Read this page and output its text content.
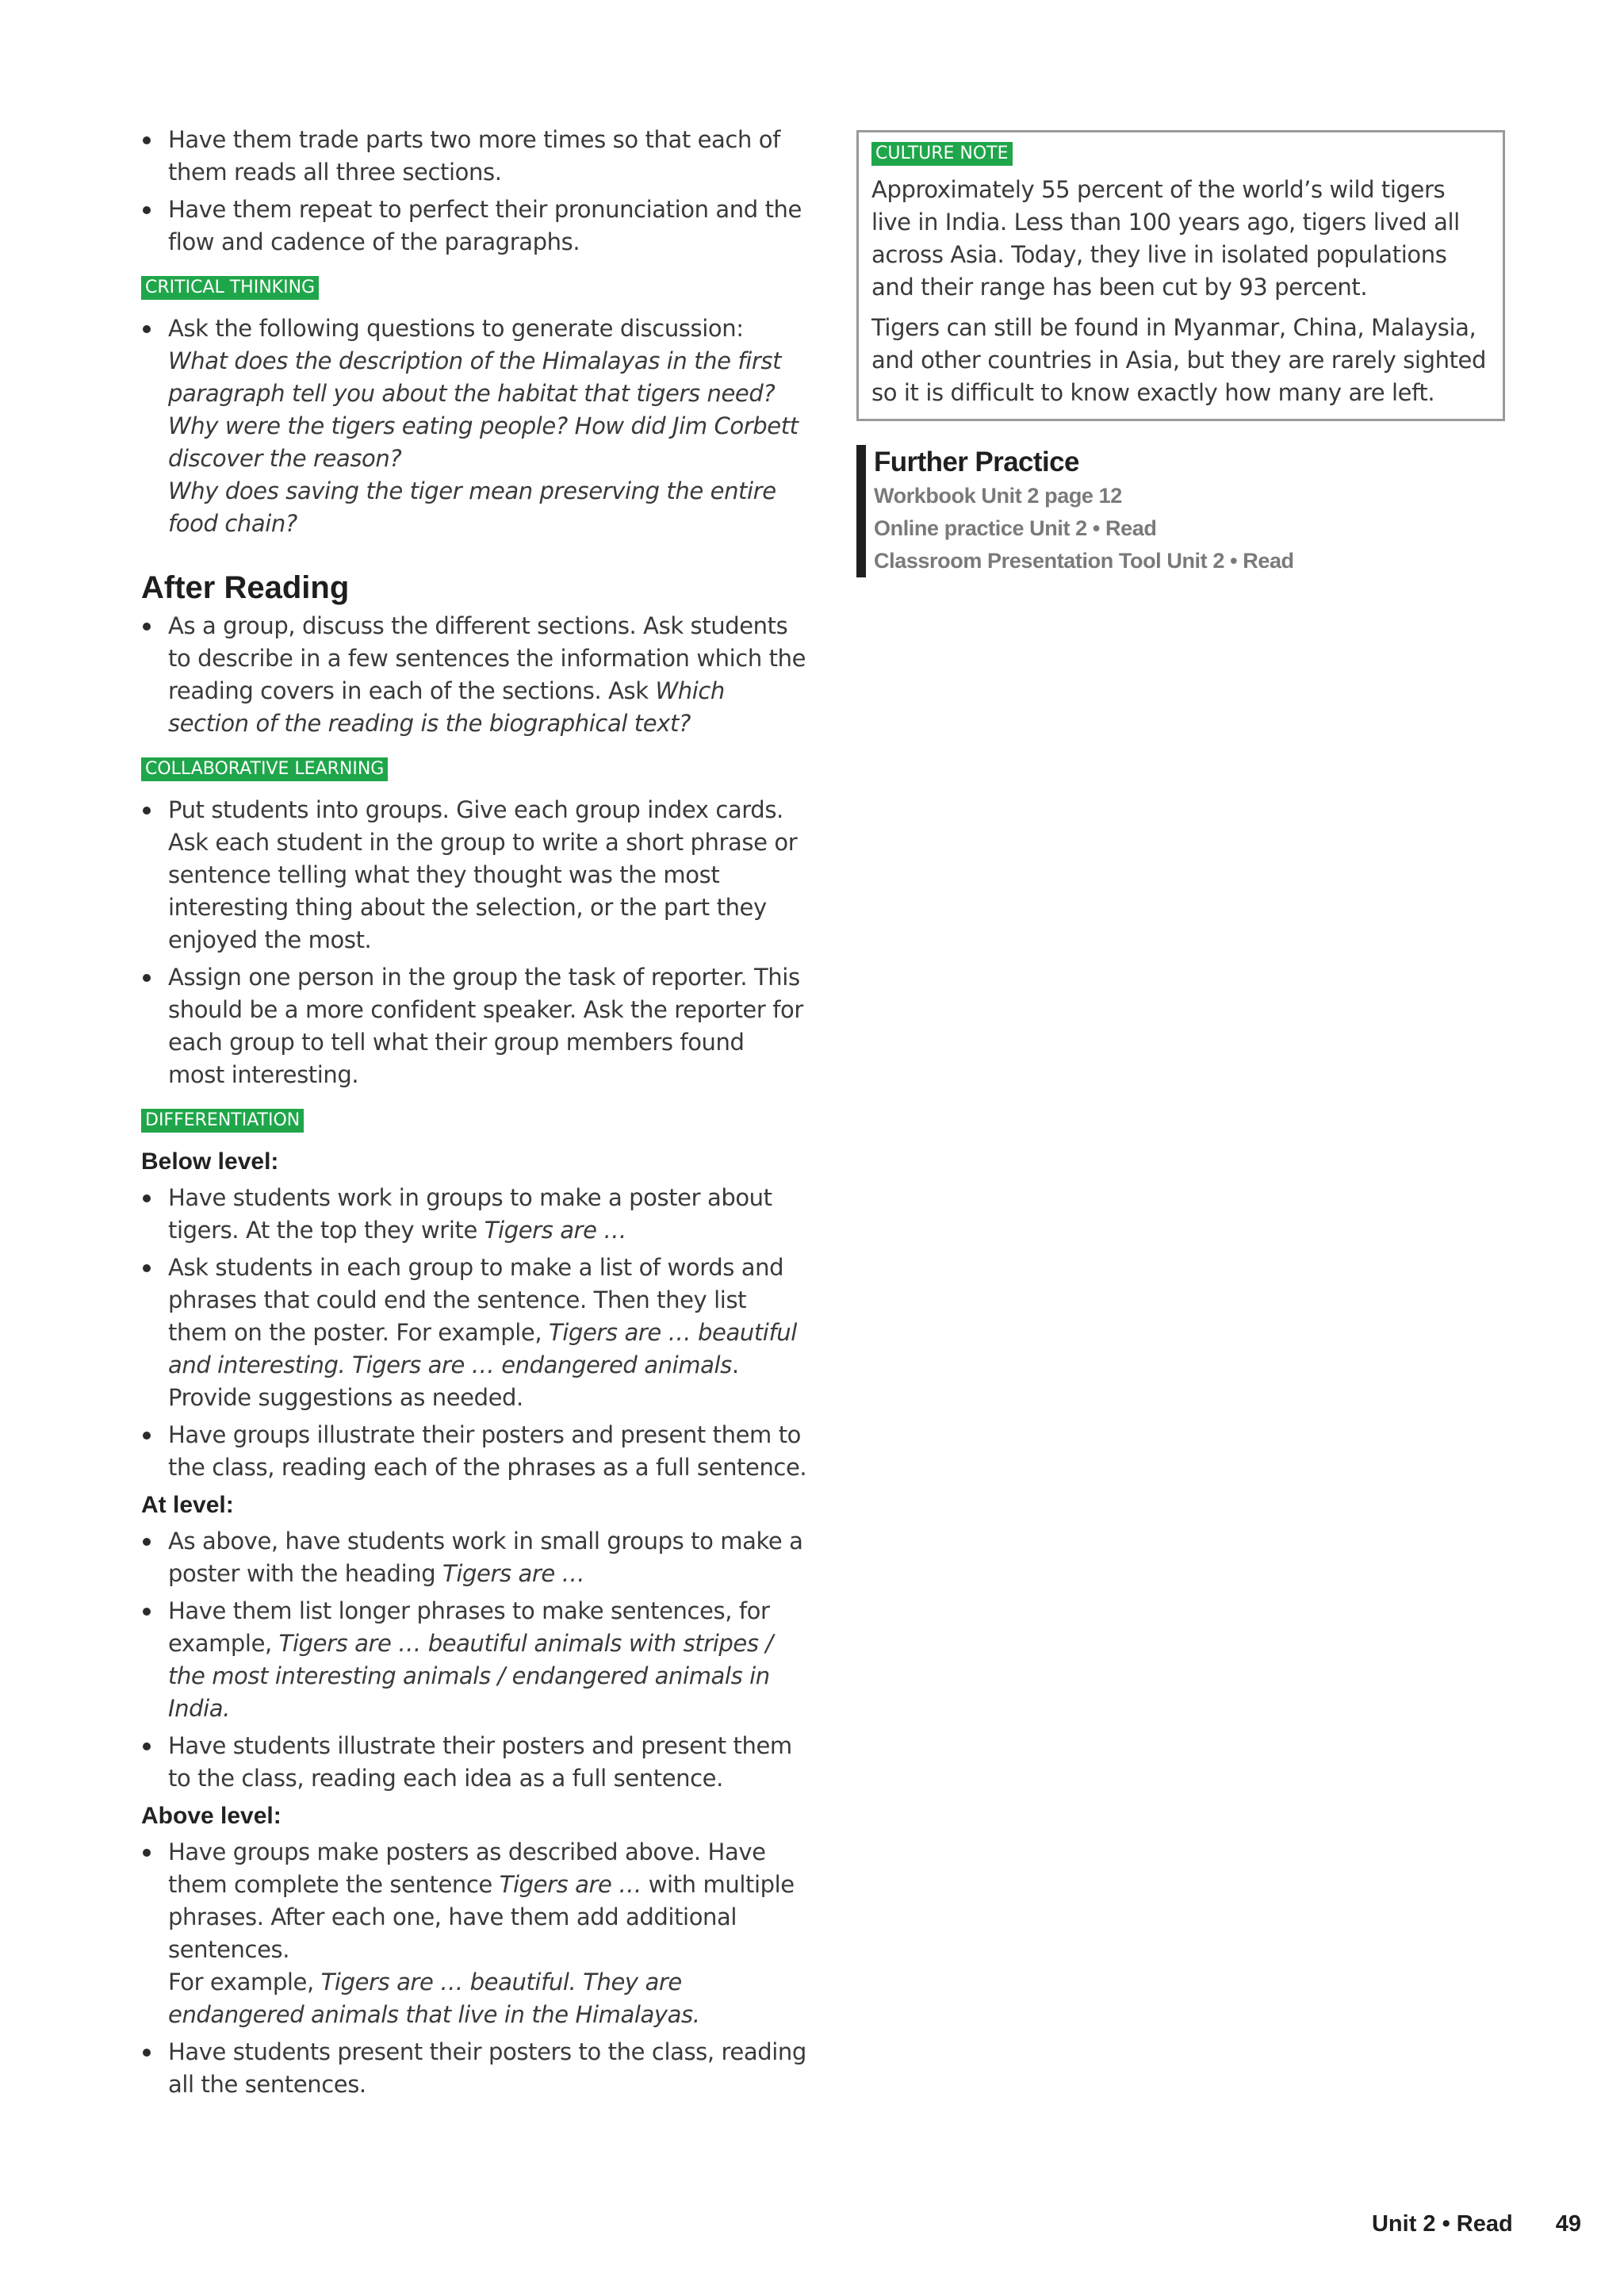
Have them trade parts two more times so that each of them reads all three sections.
Have them repeat to perfect their pronunciation and the flow and cadence of the paragraphs.
CRITICAL THINKING
Ask the following questions to generate discussion:
What does the description of the Himalayas in the first paragraph tell you about the habitat that tigers need?
Why were the tigers eating people? How did Jim Corbett discover the reason?
Why does saving the tiger mean preserving the entire food chain?
After Reading
As a group, discuss the different sections. Ask students to describe in a few sentences the information which the reading covers in each of the sections. Ask Which section of the reading is the biographical text?
COLLABORATIVE LEARNING
Put students into groups. Give each group index cards. Ask each student in the group to write a short phrase or sentence telling what they thought was the most interesting thing about the selection, or the part they enjoyed the most.
Assign one person in the group the task of reporter. This should be a more confident speaker. Ask the reporter for each group to tell what their group members found most interesting.
DIFFERENTIATION
Below level:
Have students work in groups to make a poster about tigers. At the top they write Tigers are …
Ask students in each group to make a list of words and phrases that could end the sentence. Then they list them on the poster. For example, Tigers are … beautiful and interesting. Tigers are … endangered animals. Provide suggestions as needed.
Have groups illustrate their posters and present them to the class, reading each of the phrases as a full sentence.
At level:
As above, have students work in small groups to make a poster with the heading Tigers are …
Have them list longer phrases to make sentences, for example, Tigers are … beautiful animals with stripes / the most interesting animals / endangered animals in India.
Have students illustrate their posters and present them to the class, reading each idea as a full sentence.
Above level:
Have groups make posters as described above. Have them complete the sentence Tigers are … with multiple phrases. After each one, have them add additional sentences.
For example, Tigers are … beautiful. They are endangered animals that live in the Himalayas.
Have students present their posters to the class, reading all the sentences.
CULTURE NOTE

Approximately 55 percent of the world’s wild tigers live in India. Less than 100 years ago, tigers lived all across Asia. Today, they live in isolated populations and their range has been cut by 93 percent.

Tigers can still be found in Myanmar, China, Malaysia, and other countries in Asia, but they are rarely sighted so it is difficult to know exactly how many are left.

Further Practice
Workbook Unit 2 page 12
Online practice Unit 2 • Read
Classroom Presentation Tool Unit 2 • Read
Unit 2 • Read 49
